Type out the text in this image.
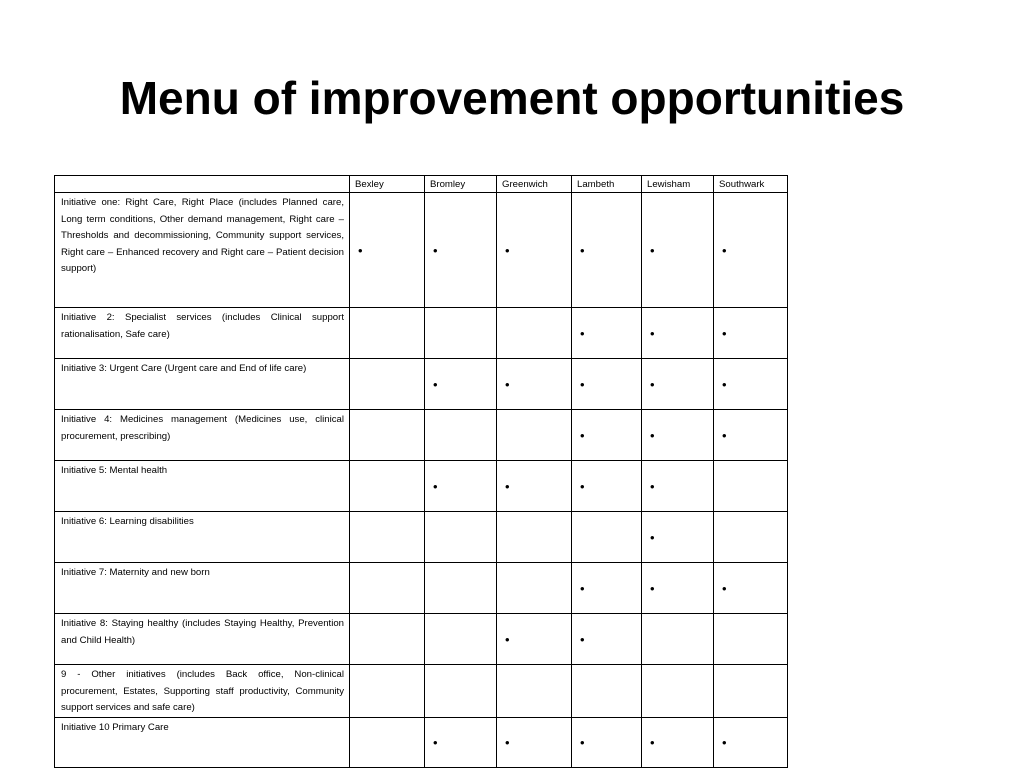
Menu of improvement opportunities
	Bexley	Bromley	Greenwich	Lambeth	Lewisham	Southwark
Initiative one: Right Care, Right Place (includes Planned care, Long term conditions, Other demand management, Right care – Thresholds and decommissioning, Community support services, Right care – Enhanced recovery and Right care – Patient decision support)	•	•	•	•	•	•
Initiative 2: Specialist services (includes Clinical support rationalisation, Safe care)				•	•	•
Initiative 3: Urgent Care (Urgent care and End of life care)		•	•	•	•	•
Initiative 4: Medicines management (Medicines use, clinical procurement, prescribing)				•	•	•
Initiative 5: Mental health		•	•	•	•	
Initiative 6: Learning disabilities					•	
Initiative 7: Maternity and new born				•	•	•
Initiative 8: Staying healthy (includes Staying Healthy, Prevention and Child Health)			•	•		
9 - Other initiatives (includes Back office, Non-clinical procurement, Estates, Supporting staff productivity, Community support services and safe care)						
Initiative 10 Primary Care		•	•	•	•	•
